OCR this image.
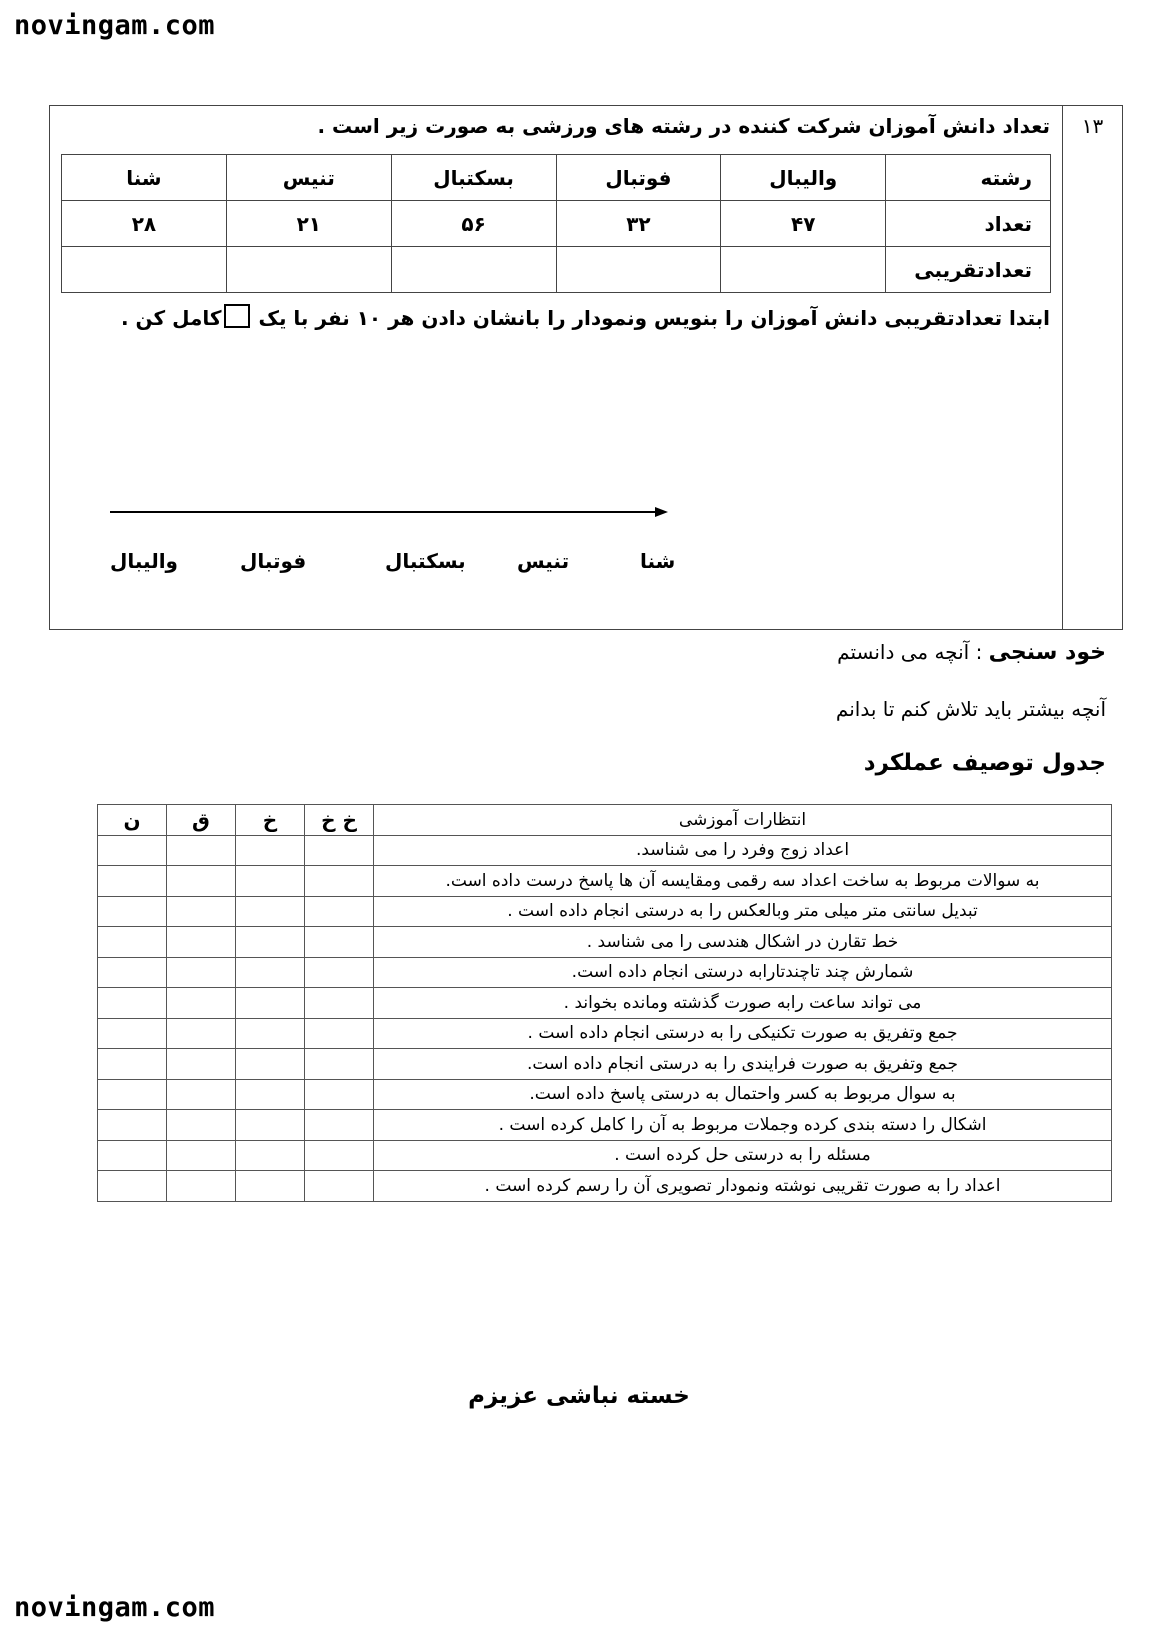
novingam.com
۱۳
تعداد دانش آموزان شرکت کننده در رشته های ورزشی به صورت زیر است .
رشته	والیبال	فوتبال	بسکتبال	تنیس	شنا
تعداد	۴۷	۳۲	۵۶	۲۱	۲۸
تعدادتقریبی					
ابتدا تعدادتقریبی دانش آموزان را بنویس ونمودار را بانشان دادن هر ۱۰ نفر با یک کامل کن .
والیبال	فوتبال	بسکتبال	تنیس	شنا
خود سنجی : آنچه می دانستم
آنچه بیشتر باید تلاش کنم تا بدانم
جدول توصیف عملکرد
انتظارات آموزشی	خ خ	خ	ق	ن
اعداد زوج وفرد را می شناسد.				
به سوالات مربوط به ساخت اعداد سه رقمی ومقایسه آن ها پاسخ درست داده است.				
تبدیل سانتی متر میلی متر وبالعکس را به درستی انجام داده است .				
خط تقارن در اشکال هندسی را می شناسد .				
شمارش چند تاچندتارابه درستی انجام داده است.				
می تواند ساعت رابه صورت گذشته ومانده بخواند .				
جمع وتفریق به صورت تکنیکی را به درستی انجام داده است .				
جمع وتفریق به صورت فرایندی را به درستی انجام داده است.				
به سوال مربوط به کسر واحتمال به درستی پاسخ داده است.				
اشکال را دسته بندی کرده وجملات مربوط به آن را کامل کرده است .				
مسئله را به درستی حل کرده است .				
اعداد را به صورت تقریبی نوشته ونمودار تصویری آن را رسم کرده است .				
خسته نباشی عزیزم
novingam.com
